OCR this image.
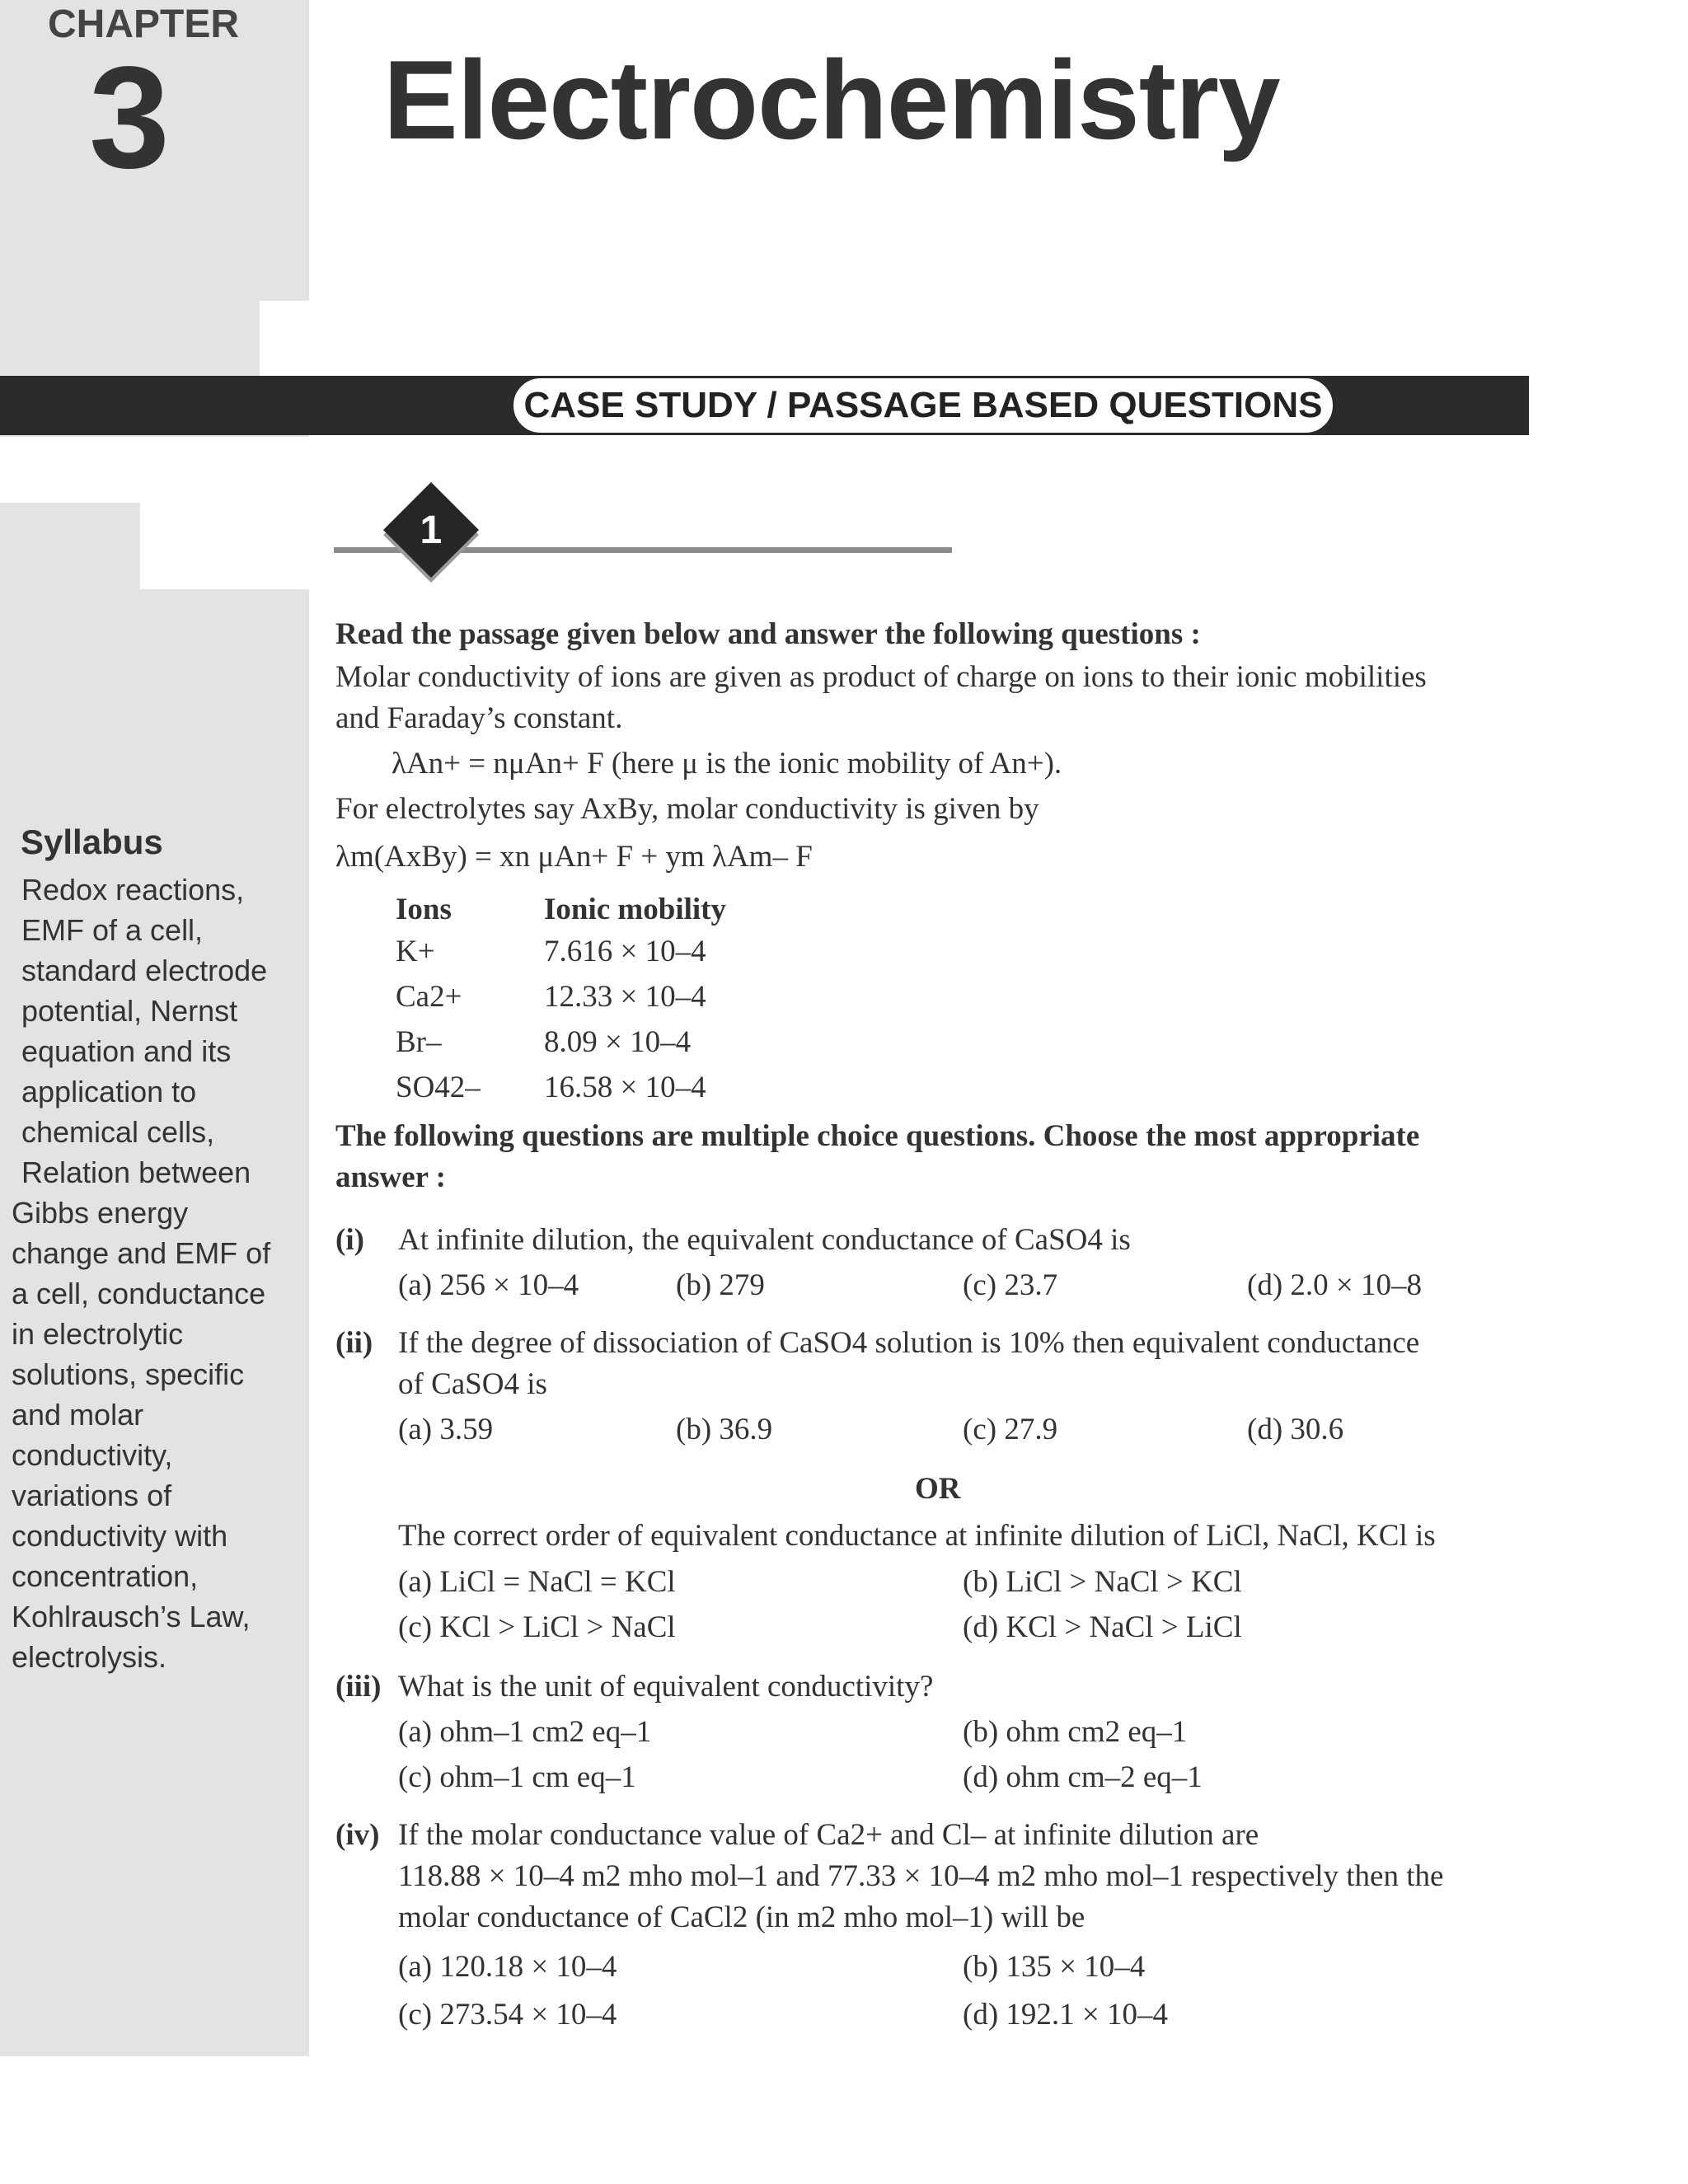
CHAPTER
3 Electrochemistry
CASE STUDY / PASSAGE BASED QUESTIONS
1
Syllabus
Redox reactions,
EMF of a cell,
standard electrode
potential, Nernst
equation and its
application to
chemical cells,
Relation between
Gibbs energy
change and EMF of
a cell, conductance
in electrolytic
solutions, specific
and molar
conductivity,
variations of
conductivity with
concentration,
Kohlrausch’s Law,
electrolysis.
Read the passage given below and answer the following questions :
Molar conductivity of ions are given as product of charge on ions to their ionic mobilities
and Faraday’s constant.
λAn+ = nμAn+ F (here μ is the ionic mobility of An+).
For electrolytes say AxBy, molar conductivity is given by
λm(AxBy) = xn μAn+ F + ym λAm– F
Ions	Ionic mobility
K+	7.616 × 10–4
Ca2+	12.33 × 10–4
Br–	8.09 × 10–4
SO42– 16.58 × 10–4
The following questions are multiple choice questions. Choose the most appropriate
answer :
(i) At infinite dilution, the equivalent conductance of CaSO4 is
(a) 256 × 10–4	(b) 279	(c) 23.7	(d) 2.0 × 10–8
(ii) If the degree of dissociation of CaSO4 solution is 10% then equivalent conductance
of CaSO4 is
(a) 3.59	(b) 36.9	(c) 27.9	(d) 30.6
OR
The correct order of equivalent conductance at infinite dilution of LiCl, NaCl, KCl is
(a) LiCl = NaCl = KCl	(b) LiCl > NaCl > KCl
(c) KCl > LiCl > NaCl	(d) KCl > NaCl > LiCl
(iii) What is the unit of equivalent conductivity?
(a) ohm–1 cm2 eq–1	(b) ohm cm2 eq–1
(c) ohm–1 cm eq–1	(d) ohm cm–2 eq–1
(iv) If the molar conductance value of Ca2+ and Cl– at infinite dilution are
118.88 × 10–4 m2 mho mol–1 and 77.33 × 10–4 m2 mho mol–1 respectively then the
molar conductance of CaCl2 (in m2 mho mol–1) will be
(a) 120.18 × 10–4	(b) 135 × 10–4
(c) 273.54 × 10–4	(d) 192.1 × 10–4
